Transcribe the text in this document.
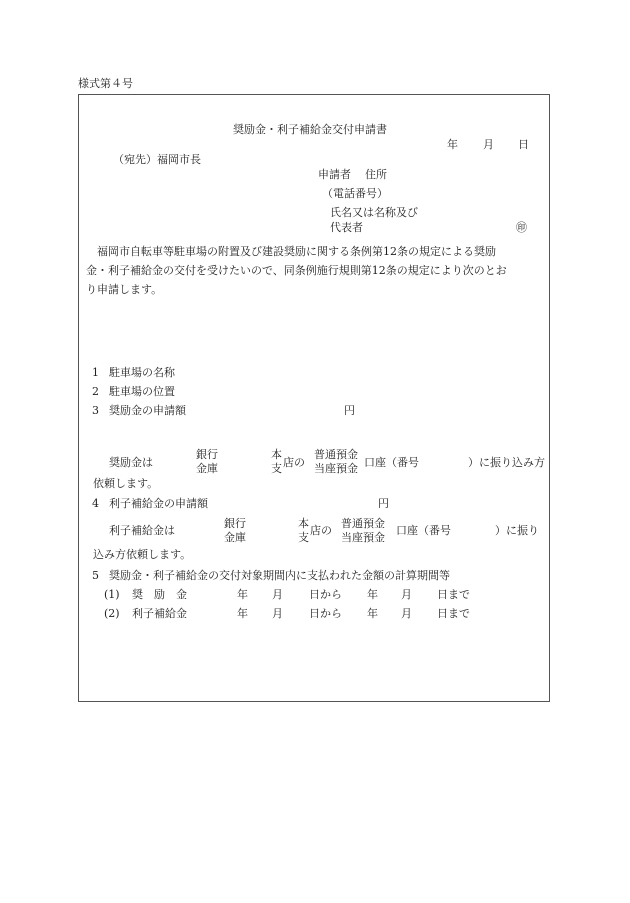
様式第４号
奨励金・利子補給金交付申請書
年 月 日
（宛先）福岡市長
申請者 住所
（電話番号）
氏名又は名称及び
代表者	㊞
福岡市自転車等駐車場の附置及び建設奨励に関する条例第12条の規定による奨励
金・利子補給金の交付を受けたいので、同条例施行規則第12条の規定により次のとお
り申請します。
1 駐車場の名称
2 駐車場の位置
3 奨励金の申請額	円
奨励金は
銀行
金庫
本
支 店の
普通預金
当座預金 口座（番号	）に振り込み方
依頼します。
4 利子補給金の申請額	円
利子補給金は
銀行
金庫
本
支
店の
普通預金
当座預金
口座（番号	）に振り
込み方依頼します。
5 奨励金・利子補給金の交付対象期間内に支払われた金額の計算期間等
(1) 奨　励　金	年 月 日から 年 月 日まで
(2) 利子補給金	年 月 日から 年 月 日まで
